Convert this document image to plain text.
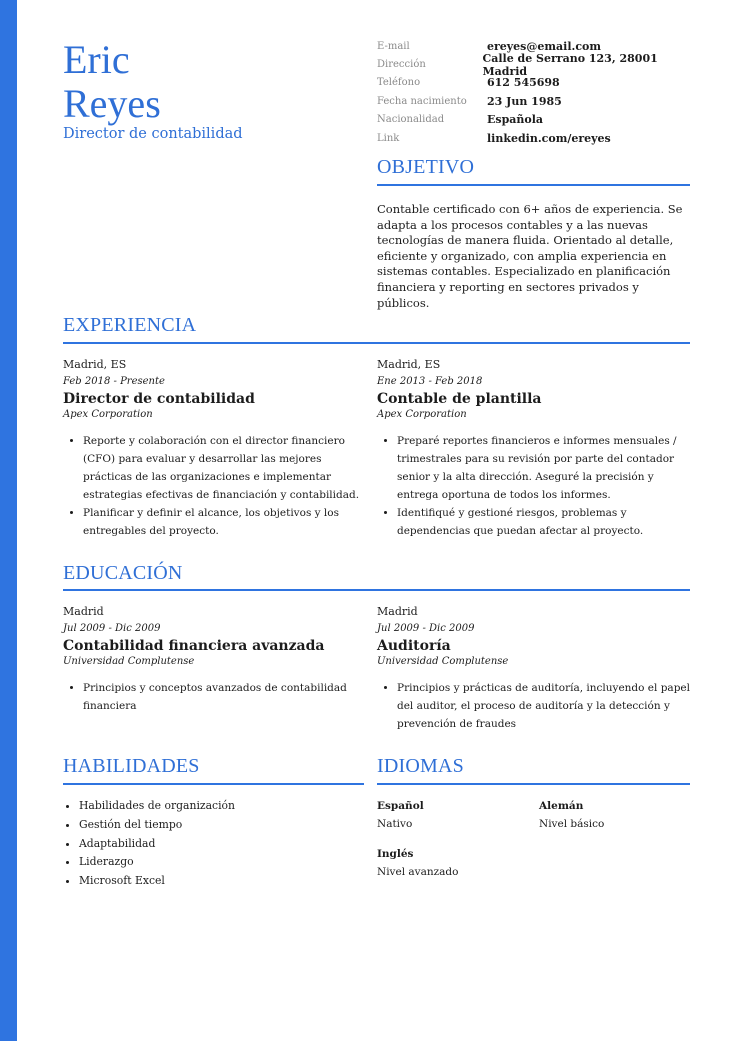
Eric
Reyes
Director de contabilidad
E-mail	ereyes@email.com
Dirección	Calle de Serrano 123, 28001 Madrid
Teléfono	612 545698
Fecha nacimiento	23 Jun 1985
Nacionalidad	Española
Link	linkedin.com/ereyes
OBJETIVO
Contable certificado con 6+ años de experiencia. Se adapta a los procesos contables y a las nuevas tecnologías de manera fluida. Orientado al detalle, eficiente y organizado, con amplia experiencia en sistemas contables. Especializado en planificación financiera y reporting en sectores privados y públicos.
EXPERIENCIA
Madrid, ES
Feb 2018 - Presente
Director de contabilidad
Apex Corporation
• Reporte y colaboración con el director financiero (CFO) para evaluar y desarrollar las mejores prácticas de las organizaciones e implementar estrategias efectivas de financiación y contabilidad.
• Planificar y definir el alcance, los objetivos y los entregables del proyecto.
Madrid, ES
Ene 2013 - Feb 2018
Contable de plantilla
Apex Corporation
• Preparé reportes financieros e informes mensuales / trimestrales para su revisión por parte del contador senior y la alta dirección. Aseguré la precisión y entrega oportuna de todos los informes.
• Identifiqué y gestioné riesgos, problemas y dependencias que puedan afectar al proyecto.
EDUCACIÓN
Madrid
Jul 2009 - Dic 2009
Contabilidad financiera avanzada
Universidad Complutense
• Principios y conceptos avanzados de contabilidad financiera
Madrid
Jul 2009 - Dic 2009
Auditoría
Universidad Complutense
• Principios y prácticas de auditoría, incluyendo el papel del auditor, el proceso de auditoría y la detección y prevención de fraudes
HABILIDADES
• Habilidades de organización
• Gestión del tiempo
• Adaptabilidad
• Liderazgo
• Microsoft Excel
IDIOMAS
Español
Nativo
Alemán
Nivel básico
Inglés
Nivel avanzado
